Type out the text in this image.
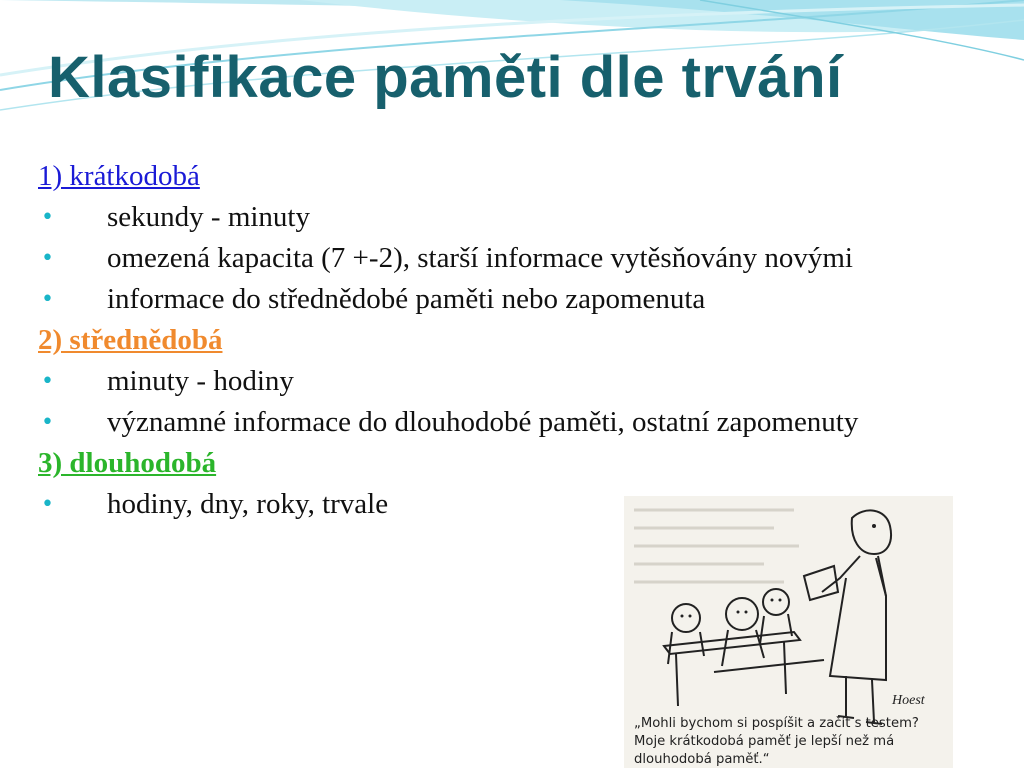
Klasifikace paměti dle trvání
1) krátkodobá
• sekundy - minuty
• omezená kapacita (7 +-2), starší informace vytěsňovány novými
• informace do střednědobé paměti nebo zapomenuta
2) střednědobá
• minuty - hodiny
• významné informace do dlouhodobé paměti, ostatní zapomenuty
3) dlouhodobá
• hodiny, dny, roky, trvale
Hoest
„Mohli bychom si pospíšit a začít s testem?
Moje krátkodobá paměť je lepší než má
dlouhodobá paměť.“
